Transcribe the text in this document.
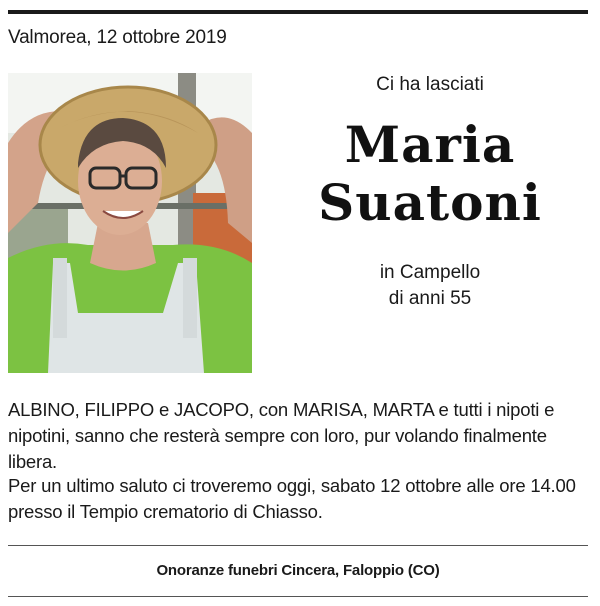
Valmorea, 12 ottobre 2019
Ci ha lasciati
Maria
Suatoni
in Campello
di anni 55
ALBINO, FILIPPO e JACOPO, con MARISA, MARTA e tutti i nipoti e nipotini, sanno che resterà sempre con loro, pur volando finalmente libera.
Per un ultimo saluto ci troveremo oggi, sabato 12 ottobre alle ore 14.00 presso il Tempio crematorio di Chiasso.
Onoranze funebri Cincera, Faloppio (CO)
